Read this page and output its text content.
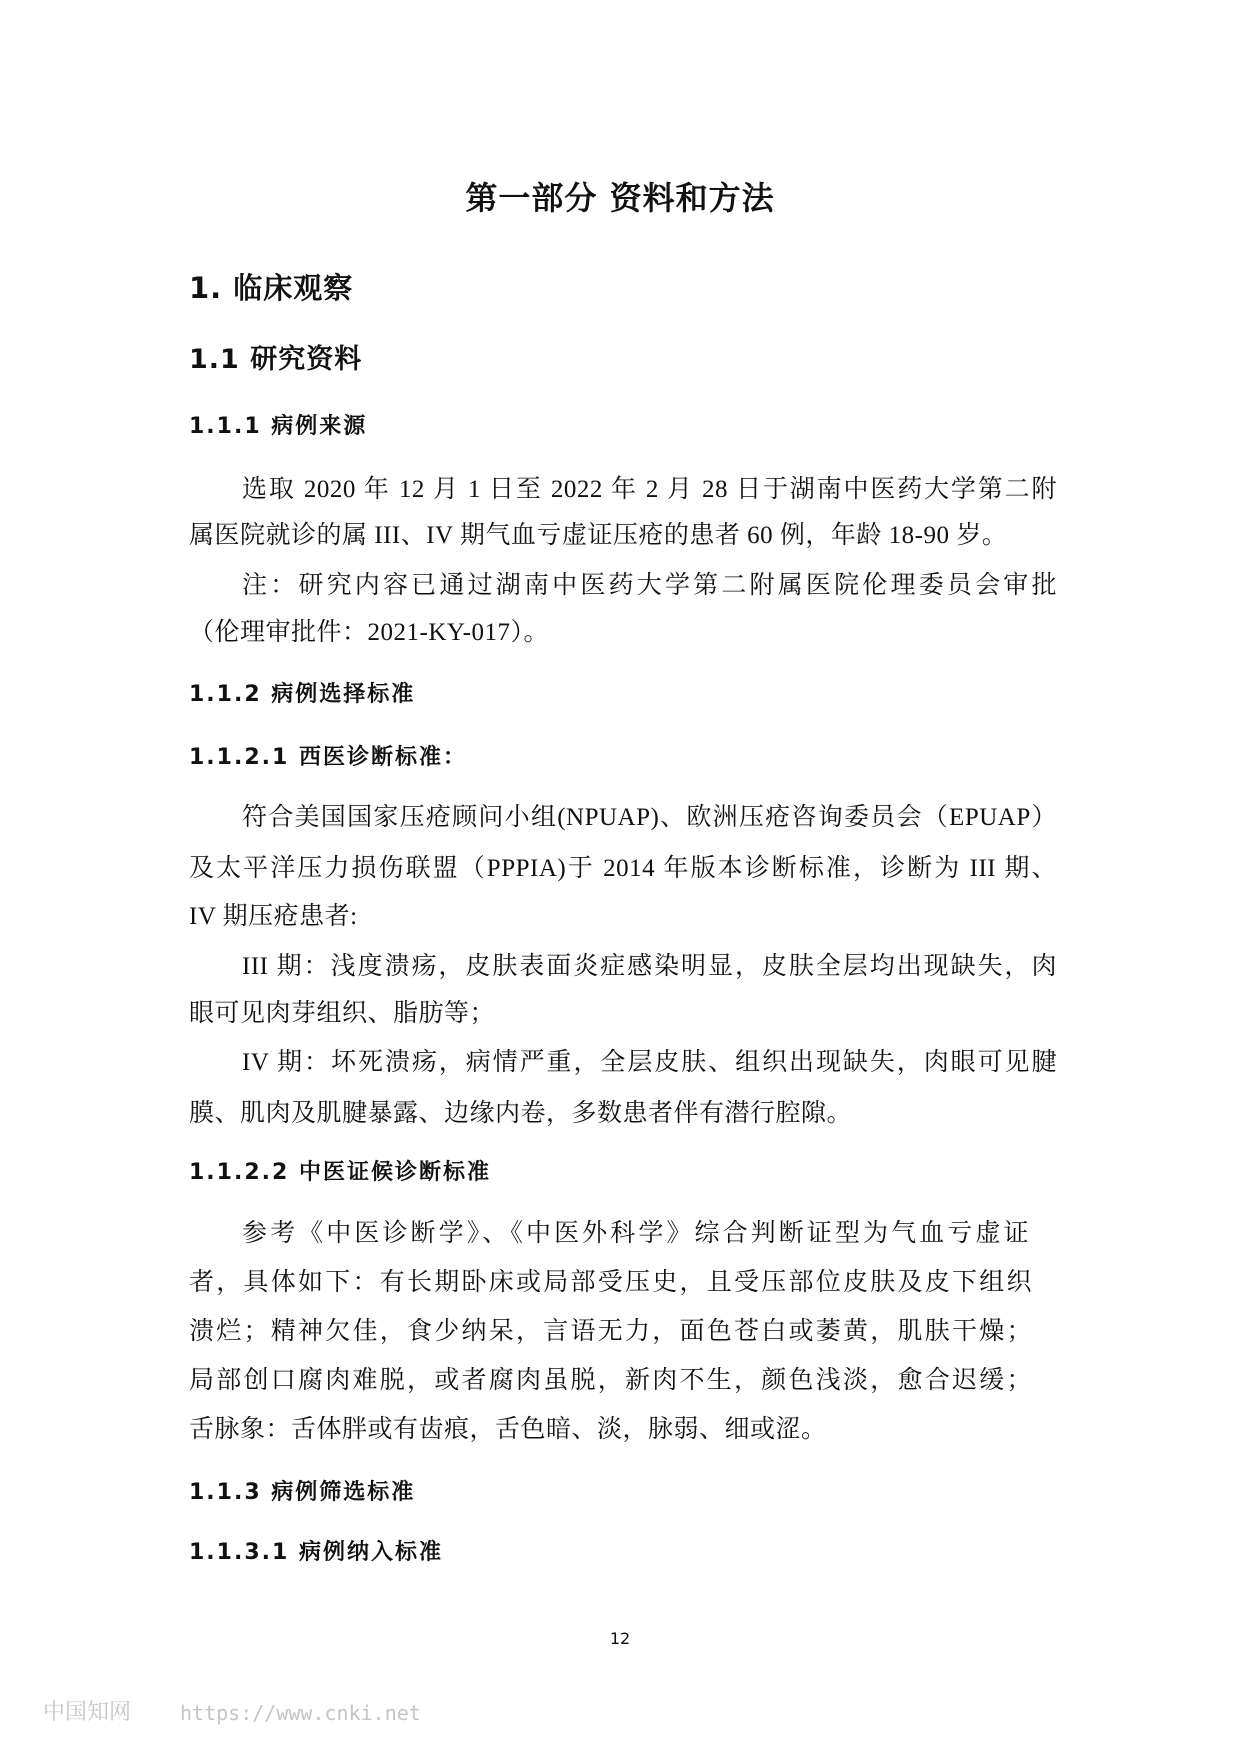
第一部分 资料和方法
1. 临床观察
1.1 研究资料
1.1.1 病例来源
选取 2020 年 12 月 1 日至 2022 年 2 月 28 日于湖南中医药大学第二附
属医院就诊的属 III、IV 期气血亏虚证压疮的患者 60 例，年龄 18-90 岁。
注：研究内容已通过湖南中医药大学第二附属医院伦理委员会审批
（伦理审批件：2021-KY-017）。
1.1.2 病例选择标准
1.1.2.1 西医诊断标准：
符合美国国家压疮顾问小组(NPUAP)、欧洲压疮咨询委员会（EPUAP）
及太平洋压力损伤联盟（PPPIA)于 2014 年版本诊断标准，诊断为 III 期、
IV 期压疮患者:
III 期：浅度溃疡，皮肤表面炎症感染明显，皮肤全层均出现缺失，肉
眼可见肉芽组织、脂肪等；
IV 期：坏死溃疡，病情严重，全层皮肤、组织出现缺失，肉眼可见腱
膜、肌肉及肌腱暴露、边缘内卷，多数患者伴有潜行腔隙。
1.1.2.2 中医证候诊断标准
参考《中医诊断学》、《中医外科学》综合判断证型为气血亏虚证
者，具体如下：有长期卧床或局部受压史，且受压部位皮肤及皮下组织
溃烂；精神欠佳，食少纳呆，言语无力，面色苍白或萎黄，肌肤干燥；
局部创口腐肉难脱，或者腐肉虽脱，新肉不生，颜色浅淡，愈合迟缓；
舌脉象：舌体胖或有齿痕，舌色暗、淡，脉弱、细或涩。
1.1.3 病例筛选标准
1.1.3.1 病例纳入标准
12
中国知网 https://www.cnki.net
